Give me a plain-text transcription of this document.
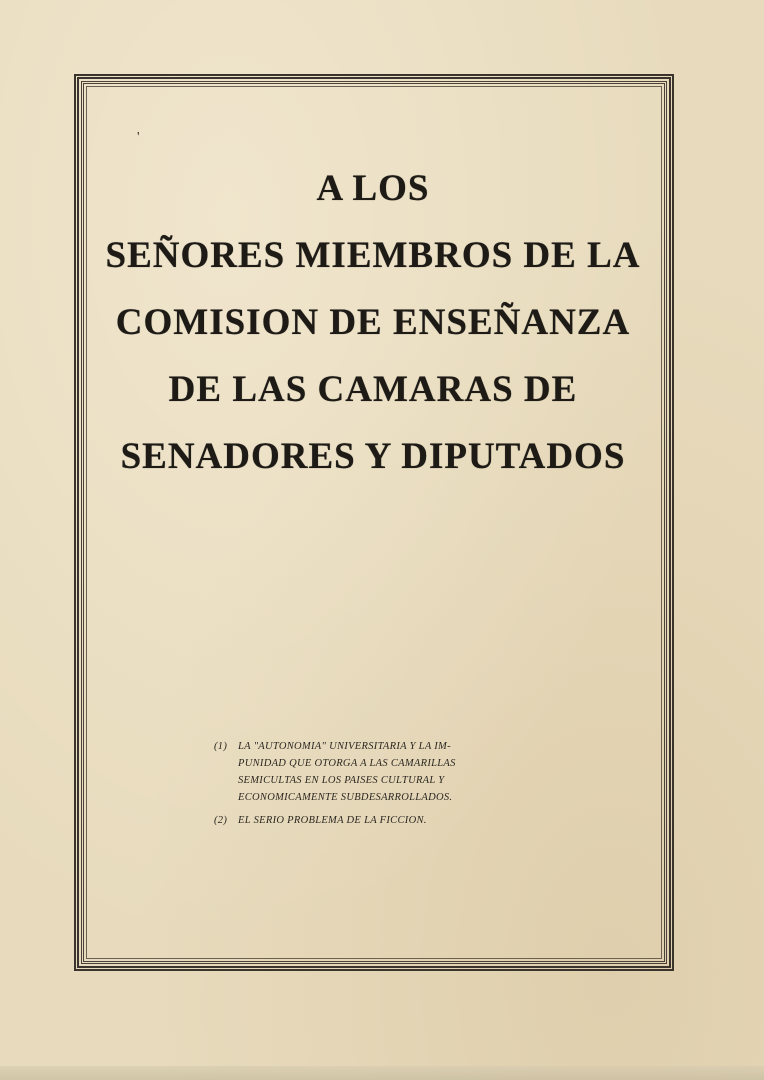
'
A LOS
SEÑORES MIEMBROS DE LA
COMISION DE ENSEÑANZA
DE LAS CAMARAS DE
SENADORES Y DIPUTADOS
(1)	LA "AUTONOMIA" UNIVERSITARIA Y LA IM-
PUNIDAD QUE OTORGA A LAS CAMARILLAS
SEMICULTAS EN LOS PAISES CULTURAL Y
ECONOMICAMENTE SUBDESARROLLADOS.
(2)	EL SERIO PROBLEMA DE LA FICCION.
